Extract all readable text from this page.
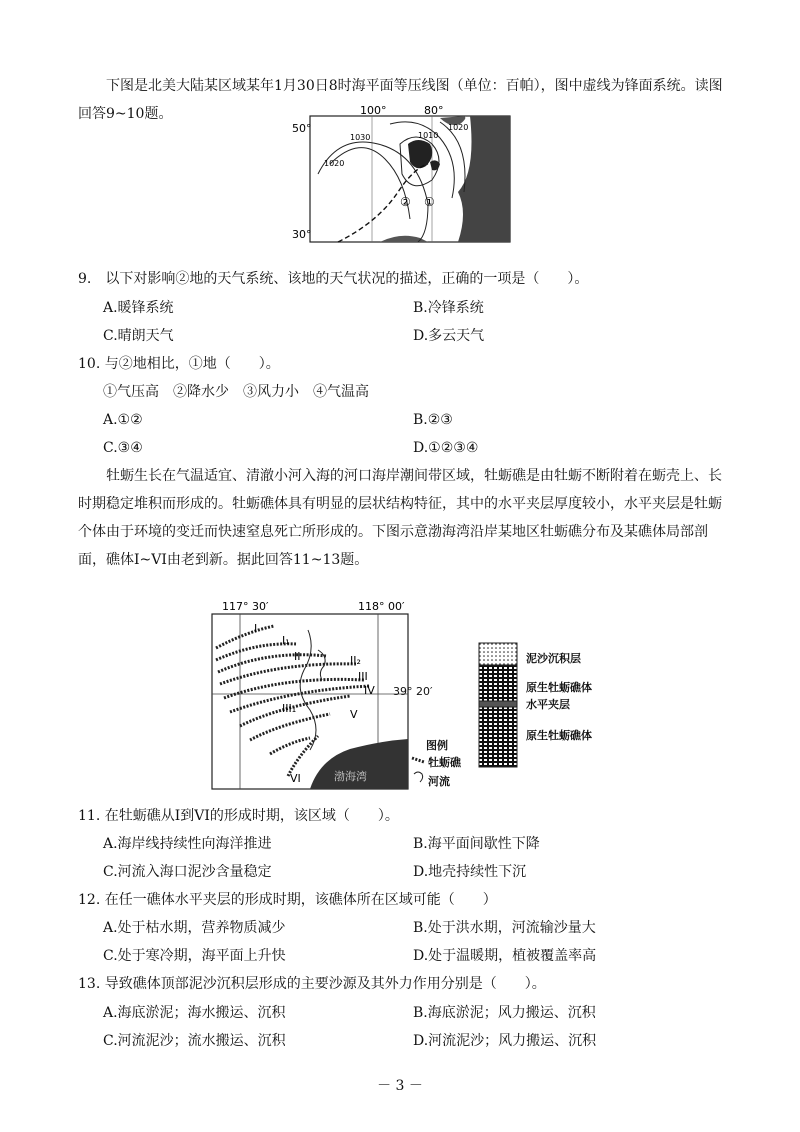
下图是北美大陆某区域某年1月30日8时海平面等压线图（单位：百帕），图中虚线为锋面系统。读图回答9~10题。	100°	80°
50°
30°
1010
1020
1020
1030
② ①
9.　以下对影响②地的天气系统、该地的天气状况的描述，正确的一项是（　　）。
A.暖锋系统	B.冷锋系统
C.晴朗天气	D.多云天气
10. 与②地相比，①地（　　）。
①气压高　②降水少　③风力小　④气温高
A.①②	B.②③
C.③④	D.①②③④

牡蛎生长在气温适宜、清澈小河入海的河口海岸潮间带区域，牡蛎礁是由牡蛎不断附着在蛎壳上、长时期稳定堆积而形成的。牡蛎礁体具有明显的层状结构特征，其中的水平夹层厚度较小，水平夹层是牡蛎个体由于环境的变迁而快速窒息死亡所形成的。下图示意渤海湾沿岸某地区牡蛎礁分布及某礁体局部剖面，礁体I~VI由老到新。据此回答11~13题。

117° 30′	118° 00′
I
I₁
II	II₂
III
III₁
IV
V
VI	渤海湾
39° 20′
图例
牡蛎礁
河流
泥沙沉积层
原生牡蛎礁体
水平夹层
原生牡蛎礁体
11. 在牡蛎礁从I到VI的形成时期，该区域（　　）。
A.海岸线持续性向海洋推进	B.海平面间歇性下降
C.河流入海口泥沙含量稳定	D.地壳持续性下沉
12. 在任一礁体水平夹层的形成时期，该礁体所在区域可能（　　）
A.处于枯水期，营养物质减少	B.处于洪水期，河流输沙量大
C.处于寒冷期，海平面上升快	D.处于温暖期，植被覆盖率高
13. 导致礁体顶部泥沙沉积层形成的主要沙源及其外力作用分别是（　　）。
A.海底淤泥；海水搬运、沉积	B.海底淤泥；风力搬运、沉积
C.河流泥沙；流水搬运、沉积	D.河流泥沙；风力搬运、沉积
－ 3 －
